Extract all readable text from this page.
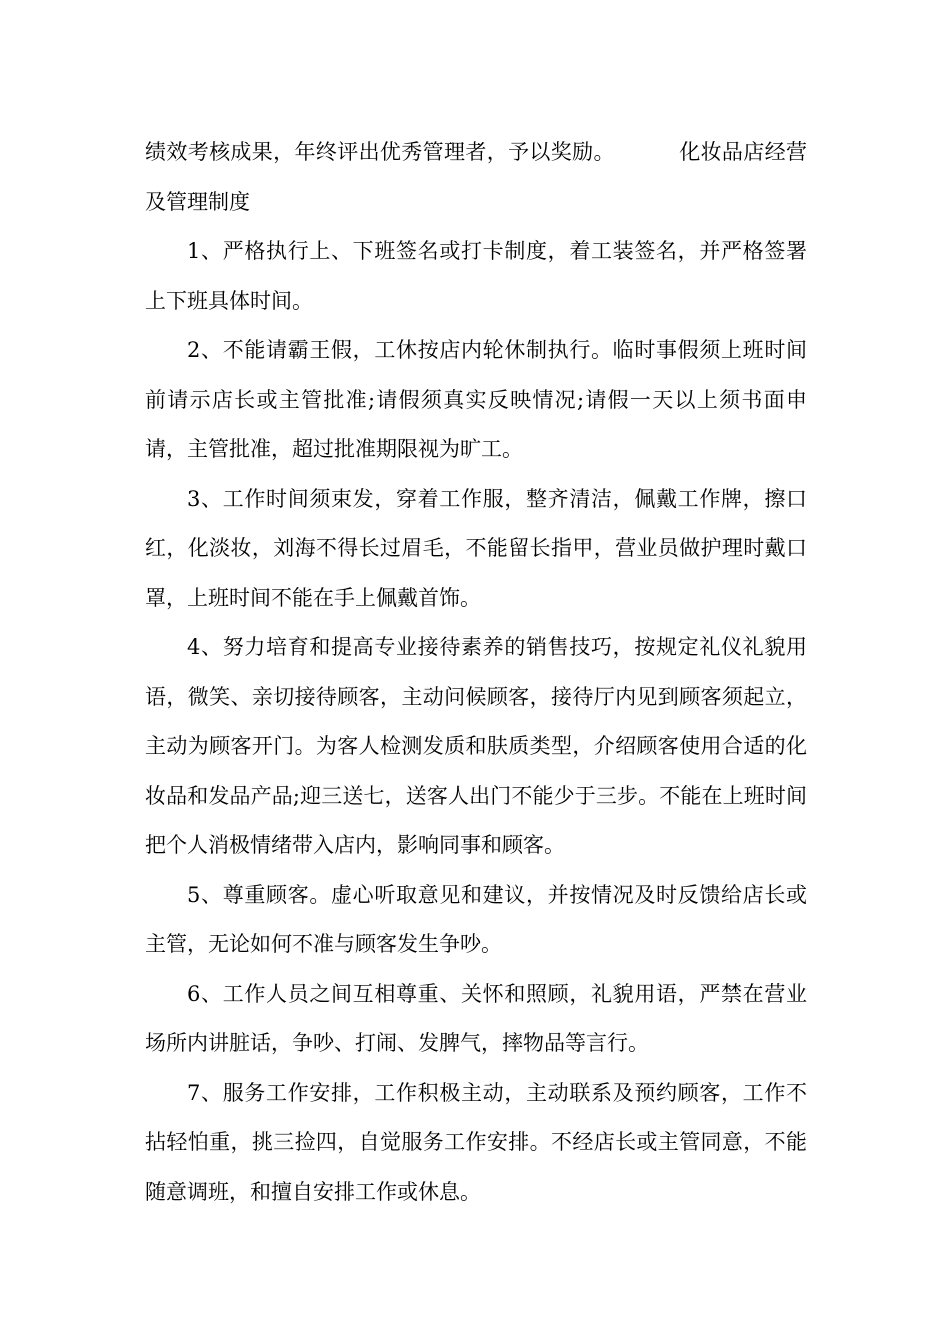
绩效考核成果，年终评出优秀管理者，予以奖励。	化妆品店经营及管理制度

1、严格执行上、下班签名或打卡制度，着工装签名，并严格签署上下班具体时间。

2、不能请霸王假，工休按店内轮休制执行。临时事假须上班时间前请示店长或主管批准;请假须真实反映情况;请假一天以上须书面申请，主管批准，超过批准期限视为旷工。

3、工作时间须束发，穿着工作服，整齐清洁，佩戴工作牌，擦口红，化淡妆，刘海不得长过眉毛，不能留长指甲，营业员做护理时戴口罩，上班时间不能在手上佩戴首饰。

4、努力培育和提高专业接待素养的销售技巧，按规定礼仪礼貌用语，微笑、亲切接待顾客，主动问候顾客，接待厅内见到顾客须起立，主动为顾客开门。为客人检测发质和肤质类型，介绍顾客使用合适的化妆品和发品产品;迎三送七，送客人出门不能少于三步。不能在上班时间把个人消极情绪带入店内，影响同事和顾客。

5、尊重顾客。虚心听取意见和建议，并按情况及时反馈给店长或主管，无论如何不准与顾客发生争吵。

6、工作人员之间互相尊重、关怀和照顾，礼貌用语，严禁在营业场所内讲脏话，争吵、打闹、发脾气，摔物品等言行。

7、服务工作安排，工作积极主动，主动联系及预约顾客，工作不拈轻怕重，挑三捡四，自觉服务工作安排。不经店长或主管同意，不能随意调班，和擅自安排工作或休息。
